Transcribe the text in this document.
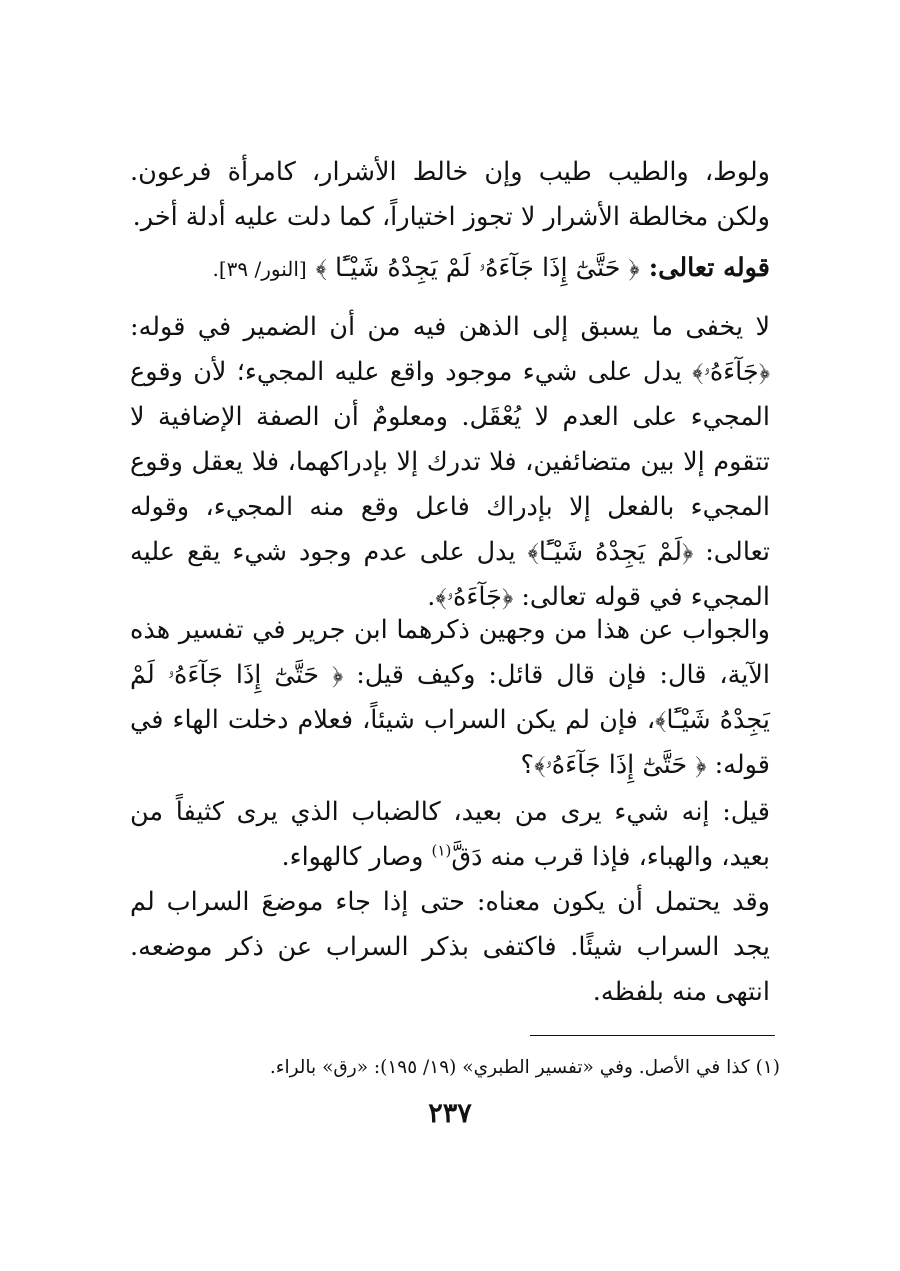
ولوط، والطيب طيب وإن خالط الأشرار، كامرأة فرعون. ولكن مخالطة الأشرار لا تجوز اختياراً، كما دلت عليه أدلة أخر.

قوله تعالى: ﴿ حَتَّىٰٓ إِذَا جَآءَهُۥ لَمْ يَجِدْهُ شَيْـًٔا ﴾ [النور/ ٣٩].

لا يخفى ما يسبق إلى الذهن فيه من أن الضمير في قوله: ﴿جَآءَهُۥ﴾ يدل على شيء موجود واقع عليه المجيء؛ لأن وقوع المجيء على العدم لا يُعْقَل. ومعلومٌ أن الصفة الإضافية لا تتقوم إلا بين متضائفين، فلا تدرك إلا بإدراكهما، فلا يعقل وقوع المجيء بالفعل إلا بإدراك فاعل وقع منه المجيء، وقوله تعالى: ﴿لَمْ يَجِدْهُ شَيْـًٔا﴾ يدل على عدم وجود شيء يقع عليه المجيء في قوله تعالى: ﴿جَآءَهُۥ﴾.

والجواب عن هذا من وجهين ذكرهما ابن جرير في تفسير هذه الآية، قال: فإن قال قائل: وكيف قيل: ﴿ حَتَّىٰٓ إِذَا جَآءَهُۥ لَمْ يَجِدْهُ شَيْـًٔا﴾، فإن لم يكن السراب شيئاً، فعلام دخلت الهاء في قوله: ﴿ حَتَّىٰٓ إِذَا جَآءَهُۥ﴾؟

قيل: إنه شيء يرى من بعيد، كالضباب الذي يرى كثيفاً من بعيد، والهباء، فإذا قرب منه دَقَّ$^{(١)}$ وصار كالهواء.

وقد يحتمل أن يكون معناه: حتى إذا جاء موضعَ السراب لم يجد السراب شيئًا. فاكتفى بذكر السراب عن ذكر موضعه. انتهى منه بلفظه.

(١) كذا في الأصل. وفي «تفسير الطبري» (١٩/ ١٩٥): «رق» بالراء.

٢٣٧
